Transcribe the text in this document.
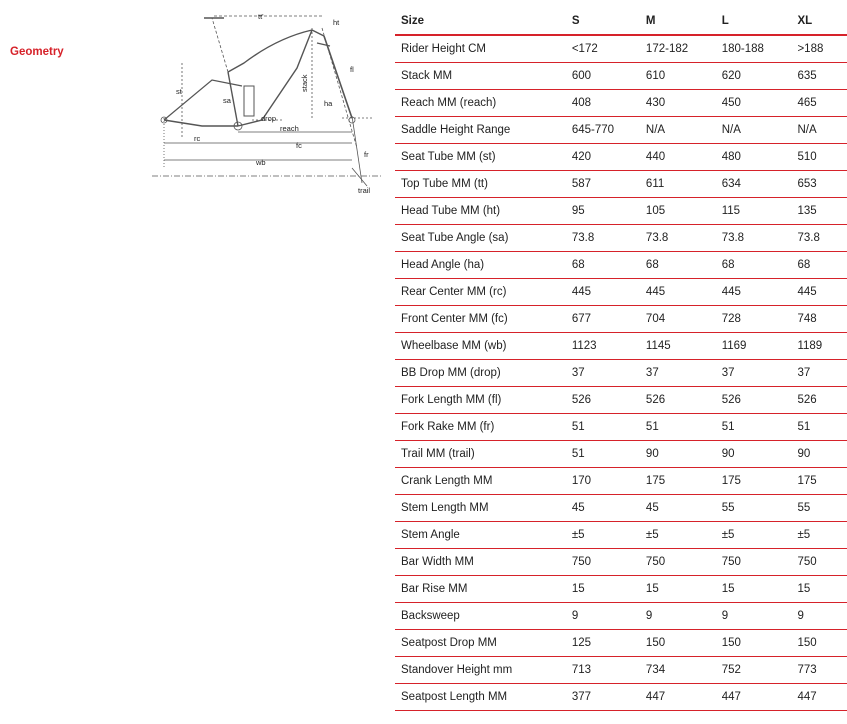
Geometry
tt'
ht
st
sa
stack
fl
ha
drop
reach
rc
fc
wb
fr
trail
Size	S	M	L	XL
Rider Height CM	<172	172-182	180-188	>188
Stack MM	600	610	620	635
Reach MM (reach)	408	430	450	465
Saddle Height Range	645-770	N/A	N/A	N/A
Seat Tube MM (st)	420	440	480	510
Top Tube MM (tt)	587	611	634	653
Head Tube MM (ht)	95	105	115	135
Seat Tube Angle (sa)	73.8	73.8	73.8	73.8
Head Angle (ha)	68	68	68	68
Rear Center MM (rc)	445	445	445	445
Front Center MM (fc)	677	704	728	748
Wheelbase MM (wb)	1123	1145	1169	1189
BB Drop MM (drop)	37	37	37	37
Fork Length MM (fl)	526	526	526	526
Fork Rake MM (fr)	51	51	51	51
Trail MM (trail)	51	90	90	90
Crank Length MM	170	175	175	175
Stem Length MM	45	45	55	55
Stem Angle	±5	±5	±5	±5
Bar Width MM	750	750	750	750
Bar Rise MM	15	15	15	15
Backsweep	9	9	9	9
Seatpost Drop MM	125	150	150	150
Standover Height mm	713	734	752	773
Seatpost Length MM	377	447	447	447
